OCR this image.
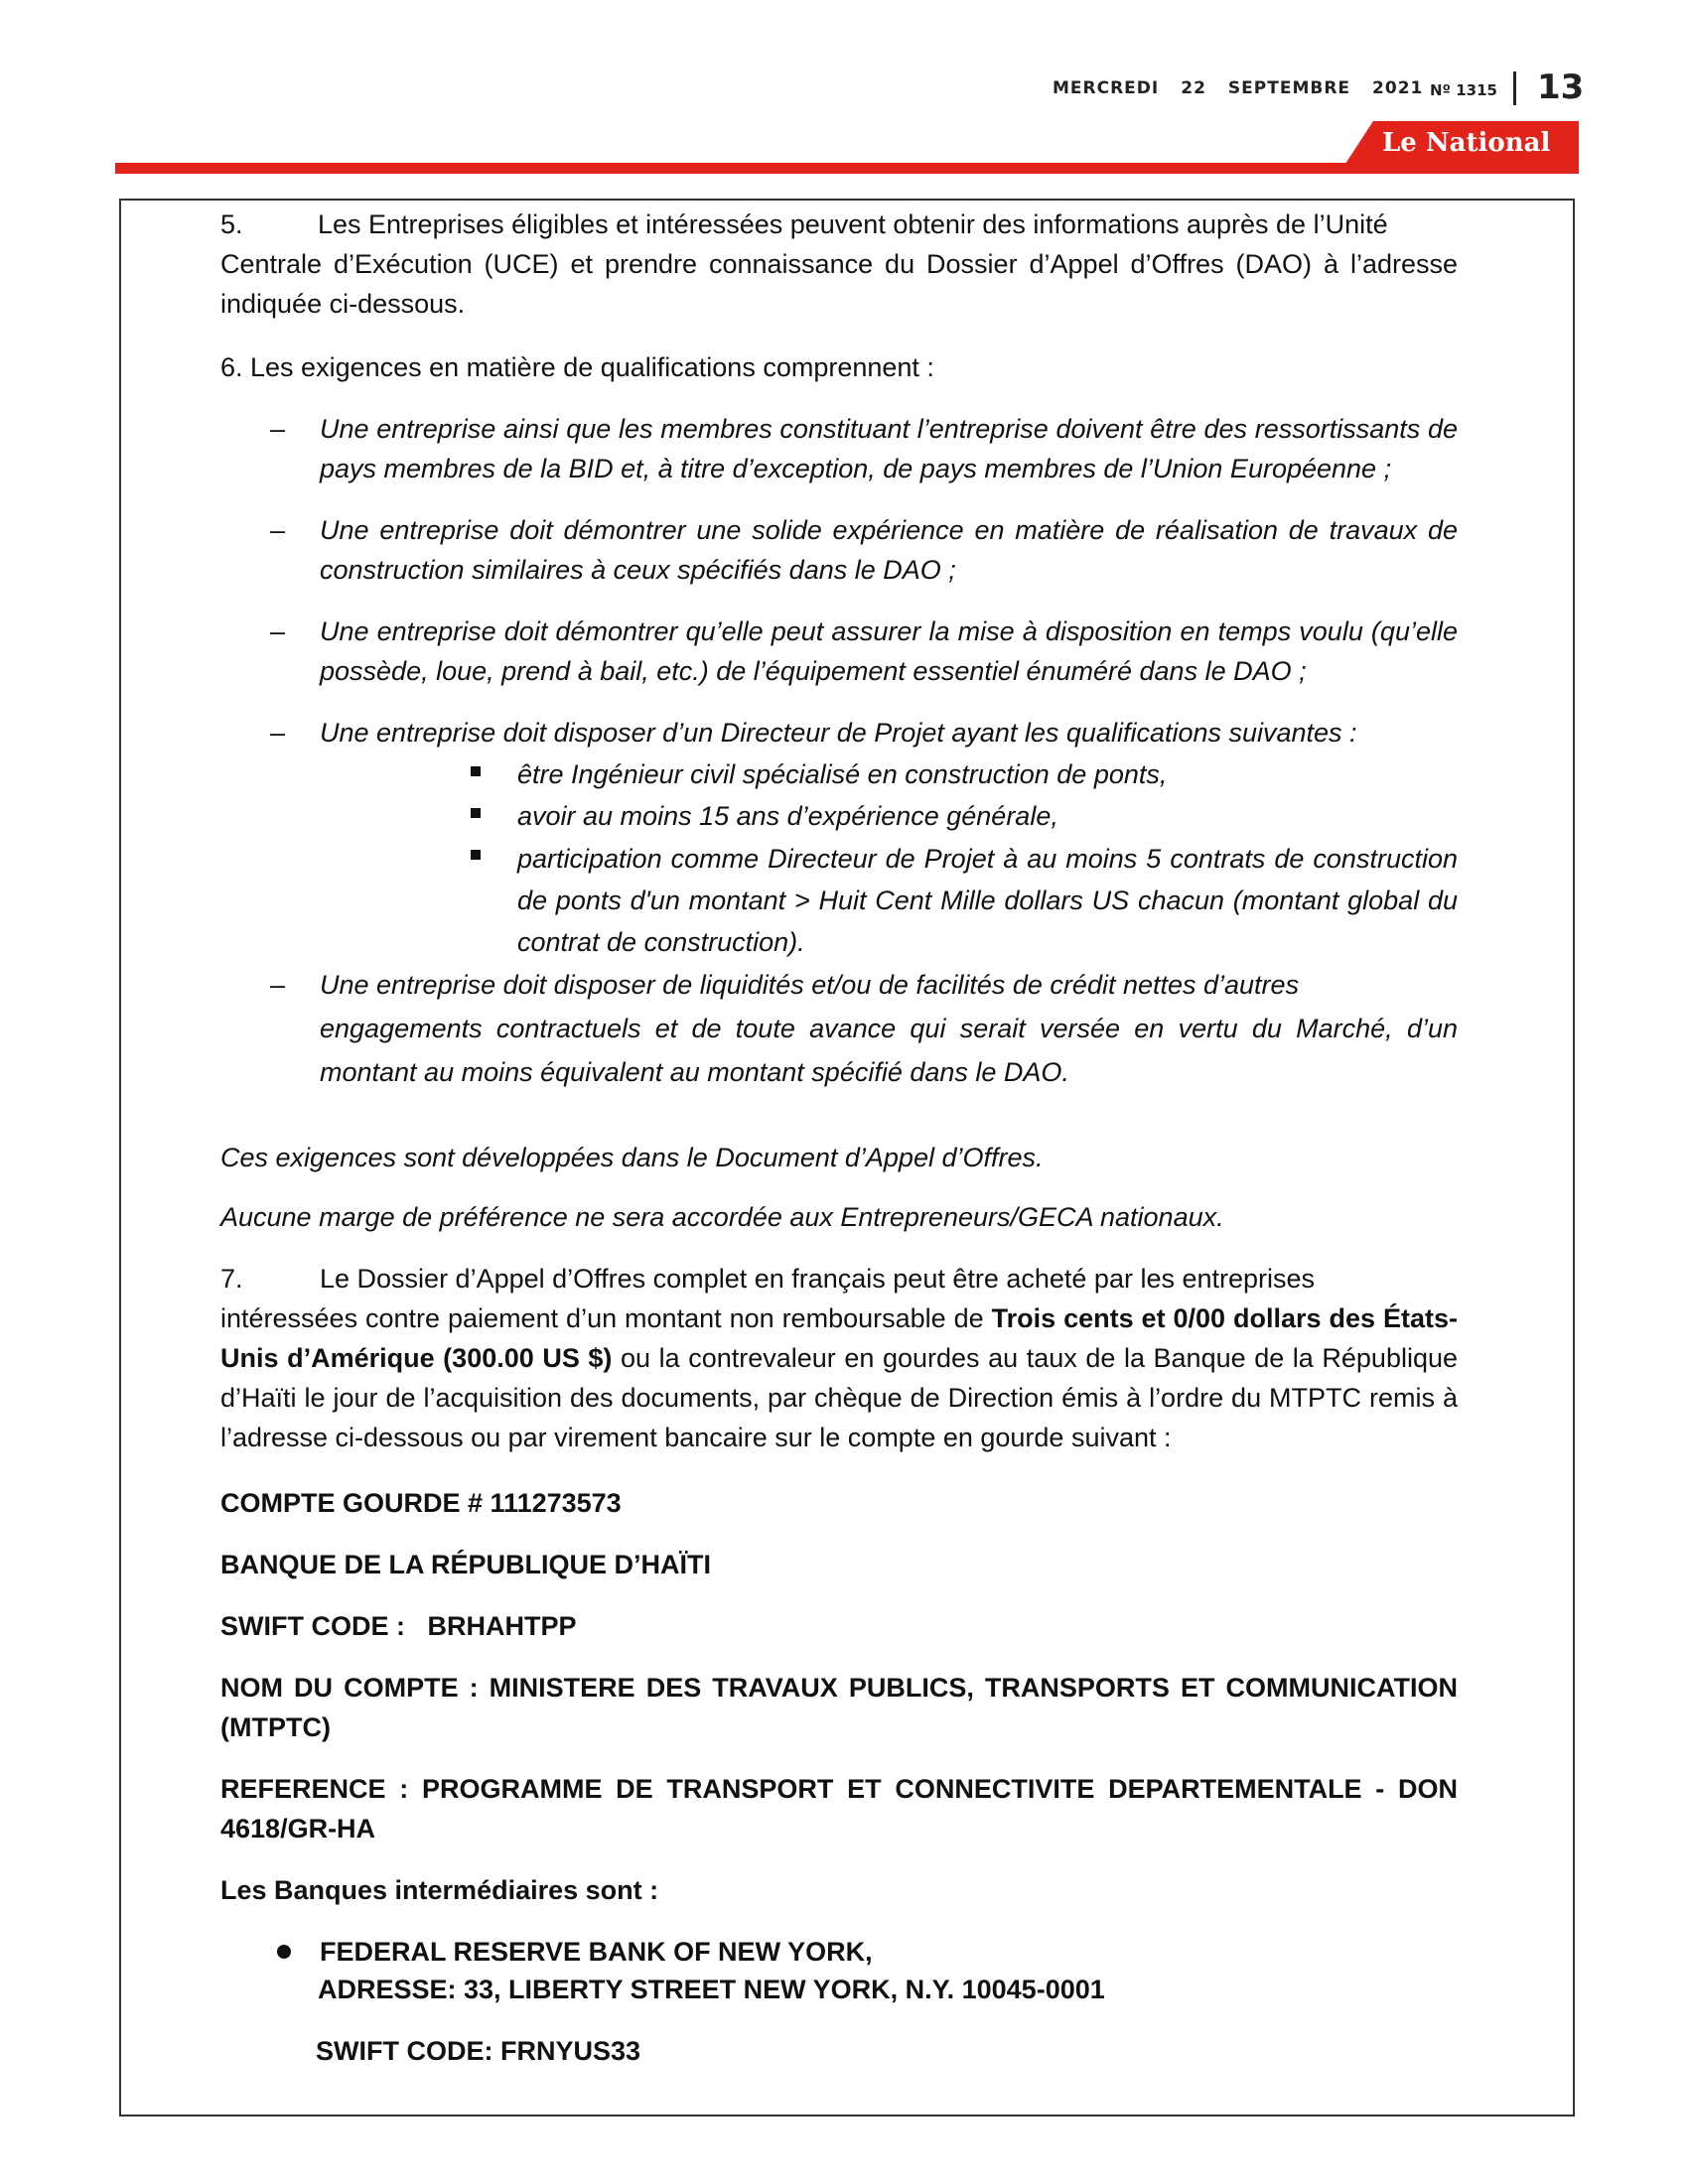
MERCREDI 22 SEPTEMBRE 2021 Nº 1315 13
Le National
5.	Les Entreprises éligibles et intéressées peuvent obtenir des informations auprès de l’Unité
Centrale d’Exécution (UCE) et prendre connaissance du Dossier d’Appel d’Offres (DAO) à l’adresse indiquée ci-dessous.
6. Les exigences en matière de qualifications comprennent :
– Une entreprise ainsi que les membres constituant l’entreprise doivent être des ressortissants de pays membres de la BID et, à titre d’exception, de pays membres de l’Union Européenne ;
– Une entreprise doit démontrer une solide expérience en matière de réalisation de travaux de construction similaires à ceux spécifiés dans le DAO ;
– Une entreprise doit démontrer qu’elle peut assurer la mise à disposition en temps voulu (qu’elle possède, loue, prend à bail, etc.) de l’équipement essentiel énuméré dans le DAO ;
– Une entreprise doit disposer d’un Directeur de Projet ayant les qualifications suivantes :
être Ingénieur civil spécialisé en construction de ponts,
avoir au moins 15 ans d’expérience générale,
participation comme Directeur de Projet à au moins 5 contrats de construction de ponts d'un montant > Huit Cent Mille dollars US chacun (montant global du contrat de construction).
– Une entreprise doit disposer de liquidités et/ou de facilités de crédit nettes d’autres
engagements contractuels et de toute avance qui serait versée en vertu du Marché, d’un montant au moins équivalent au montant spécifié dans le DAO.
Ces exigences sont développées dans le Document d’Appel d’Offres.
Aucune marge de préférence ne sera accordée aux Entrepreneurs/GECA nationaux.
7.	Le Dossier d’Appel d’Offres complet en français peut être acheté par les entreprises
intéressées contre paiement d’un montant non remboursable de Trois cents et 0/00 dollars des États-Unis d’Amérique (300.00 US $) ou la contrevaleur en gourdes au taux de la Banque de la République d’Haïti le jour de l’acquisition des documents, par chèque de Direction émis à l’ordre du MTPTC remis à l’adresse ci-dessous ou par virement bancaire sur le compte en gourde suivant :
COMPTE GOURDE # 111273573
BANQUE DE LA RÉPUBLIQUE D’HAÏTI
SWIFT CODE :   BRHAHTPP
NOM DU COMPTE : MINISTERE DES TRAVAUX PUBLICS, TRANSPORTS ET COMMUNICATION (MTPTC)
REFERENCE : PROGRAMME DE TRANSPORT ET CONNECTIVITE DEPARTEMENTALE - DON 4618/GR-HA
Les Banques intermédiaires sont :
FEDERAL RESERVE BANK OF NEW YORK,
ADRESSE: 33, LIBERTY STREET NEW YORK, N.Y. 10045-0001
SWIFT CODE: FRNYUS33
